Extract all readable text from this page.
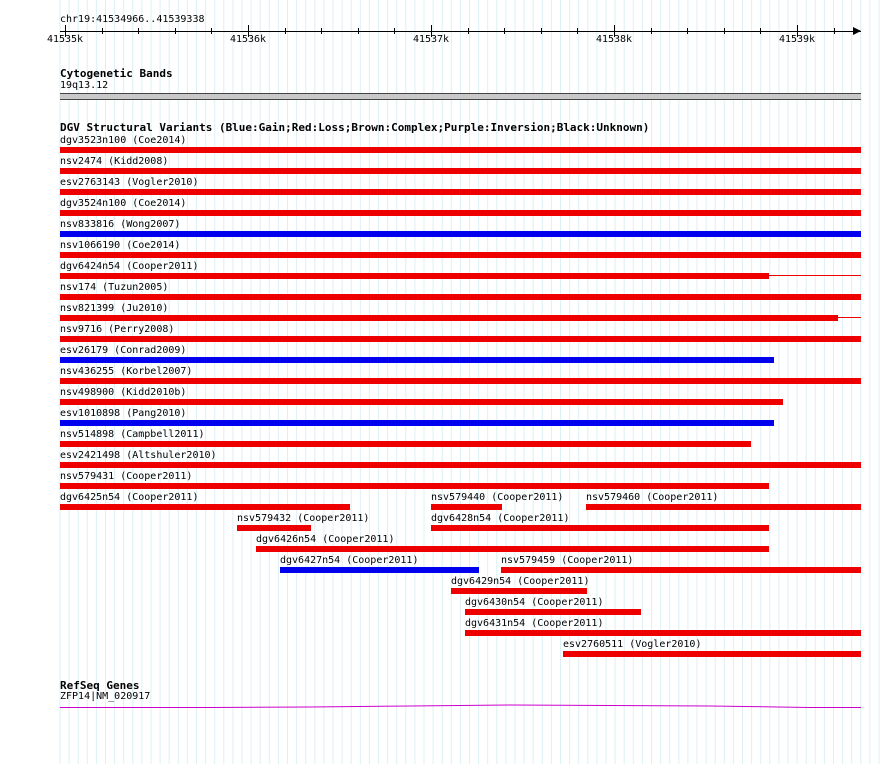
chr19:41534966..41539338
41535k	41536k	41537k	41538k	41539k
Cytogenetic Bands
19q13.12
DGV Structural Variants (Blue:Gain;Red:Loss;Brown:Complex;Purple:Inversion;Black:Unknown)
dgv3523n100 (Coe2014)
nsv2474 (Kidd2008)
esv2763143 (Vogler2010)
dgv3524n100 (Coe2014)
nsv833816 (Wong2007)
nsv1066190 (Coe2014)
dgv6424n54 (Cooper2011)
nsv174 (Tuzun2005)
nsv821399 (Ju2010)
nsv9716 (Perry2008)
esv26179 (Conrad2009)
nsv436255 (Korbel2007)
nsv498900 (Kidd2010b)
esv1010898 (Pang2010)
nsv514898 (Campbell2011)
esv2421498 (Altshuler2010)
nsv579431 (Cooper2011)
dgv6425n54 (Cooper2011)	nsv579440 (Cooper2011) nsv579460 (Cooper2011)
nsv579432 (Cooper2011)	dgv6428n54 (Cooper2011)
dgv6426n54 (Cooper2011)
dgv6427n54 (Cooper2011)	nsv579459 (Cooper2011)
dgv6429n54 (Cooper2011)
dgv6430n54 (Cooper2011)
dgv6431n54 (Cooper2011)
esv2760511 (Vogler2010)
RefSeq Genes
ZFP14|NM_020917
